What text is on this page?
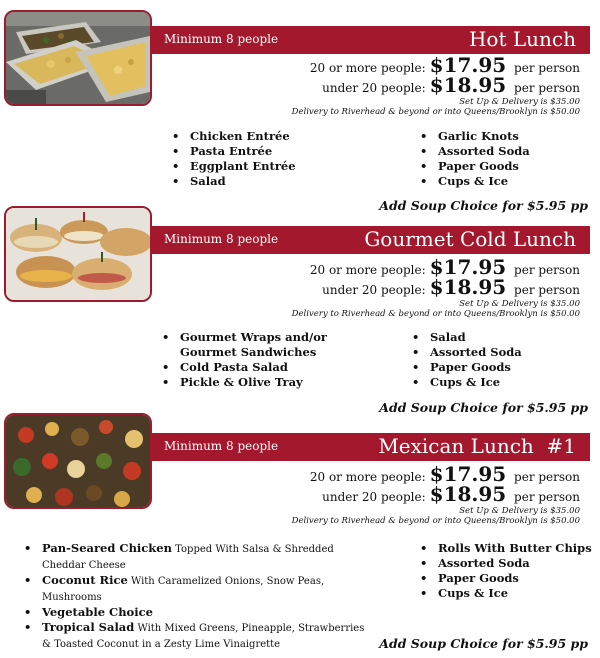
Minimum 8 people	Hot Lunch
20 or more people: $17.95 per person
under 20 people: $18.95 per person
Set Up & Delivery is $35.00
Delivery to Riverhead & beyond or into Queens/Brooklyn is $50.00
• Chicken Entrée
• Pasta Entrée
• Eggplant Entrée
• Salad
• Garlic Knots
• Assorted Soda
• Paper Goods
• Cups & Ice
Add Soup Choice for $5.95 pp
Minimum 8 people	Gourmet Cold Lunch
20 or more people: $17.95 per person
under 20 people: $18.95 per person
Set Up & Delivery is $35.00
Delivery to Riverhead & beyond or into Queens/Brooklyn is $50.00
• Gourmet Wraps and/or
Gourmet Sandwiches
• Cold Pasta Salad
• Pickle & Olive Tray
• Salad
• Assorted Soda
• Paper Goods
• Cups & Ice
Add Soup Choice for $5.95 pp
Minimum 8 people	Mexican Lunch  #1
20 or more people: $17.95 per person
under 20 people: $18.95 per person
Set Up & Delivery is $35.00
Delivery to Riverhead & beyond or into Queens/Brooklyn is $50.00
• Pan-Seared Chicken Topped With Salsa & Shredded
Cheddar Cheese
• Coconut Rice With Caramelized Onions, Snow Peas,
Mushrooms
• Vegetable Choice
• Tropical Salad With Mixed Greens, Pineapple, Strawberries
& Toasted Coconut in a Zesty Lime Vinaigrette
• Rolls With Butter Chips
• Assorted Soda
• Paper Goods
• Cups & Ice
Add Soup Choice for $5.95 pp
